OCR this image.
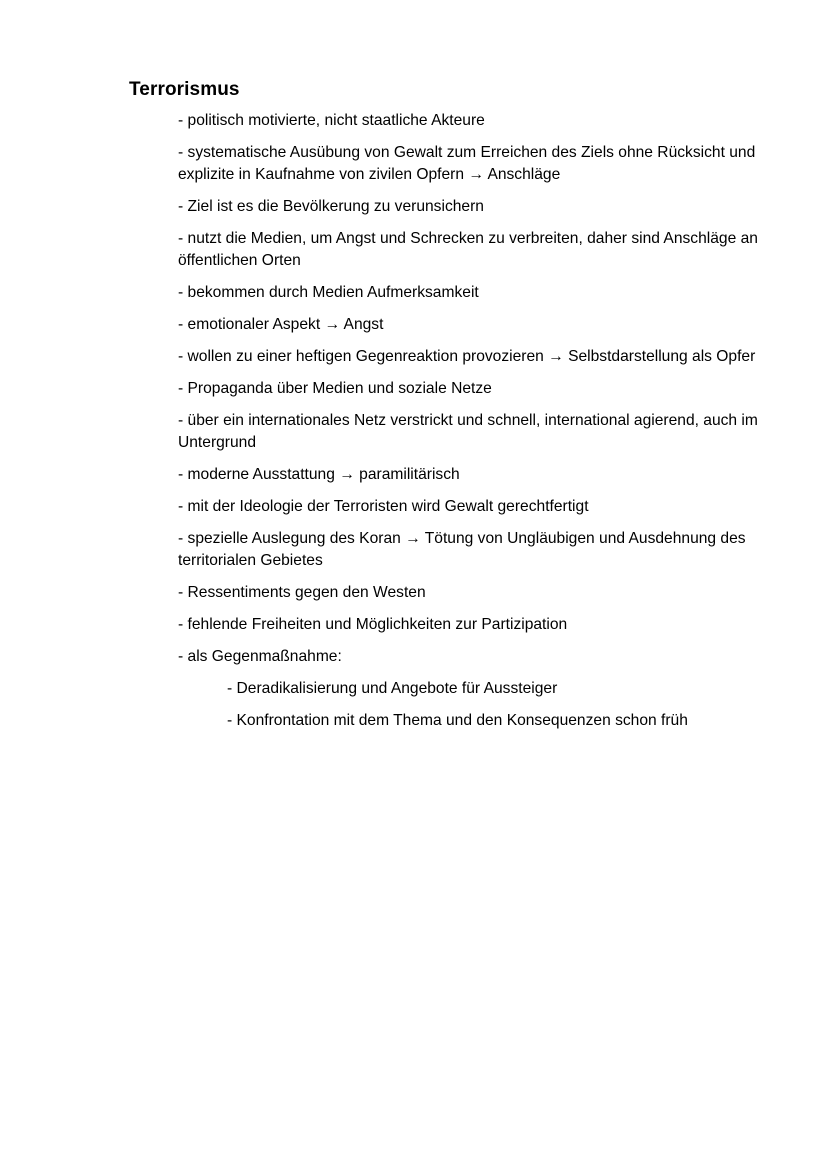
Terrorismus
- politisch motivierte, nicht staatliche Akteure
- systematische Ausübung von Gewalt zum Erreichen des Ziels ohne Rücksicht und explizite in Kaufnahme von zivilen Opfern → Anschläge
- Ziel ist es die Bevölkerung zu verunsichern
- nutzt die Medien, um Angst und Schrecken zu verbreiten, daher sind Anschläge an öffentlichen Orten
- bekommen durch Medien Aufmerksamkeit
- emotionaler Aspekt → Angst
- wollen zu einer heftigen Gegenreaktion provozieren → Selbstdarstellung als Opfer
- Propaganda über Medien und soziale Netze
- über ein internationales Netz verstrickt und schnell, international agierend, auch im Untergrund
- moderne Ausstattung → paramilitärisch
- mit der Ideologie der Terroristen wird Gewalt gerechtfertigt
- spezielle Auslegung des Koran → Tötung von Ungläubigen und Ausdehnung des territorialen Gebietes
- Ressentiments gegen den Westen
- fehlende Freiheiten und Möglichkeiten zur Partizipation
- als Gegenmaßnahme:
- Deradikalisierung und Angebote für Aussteiger
- Konfrontation mit dem Thema und den Konsequenzen schon früh
